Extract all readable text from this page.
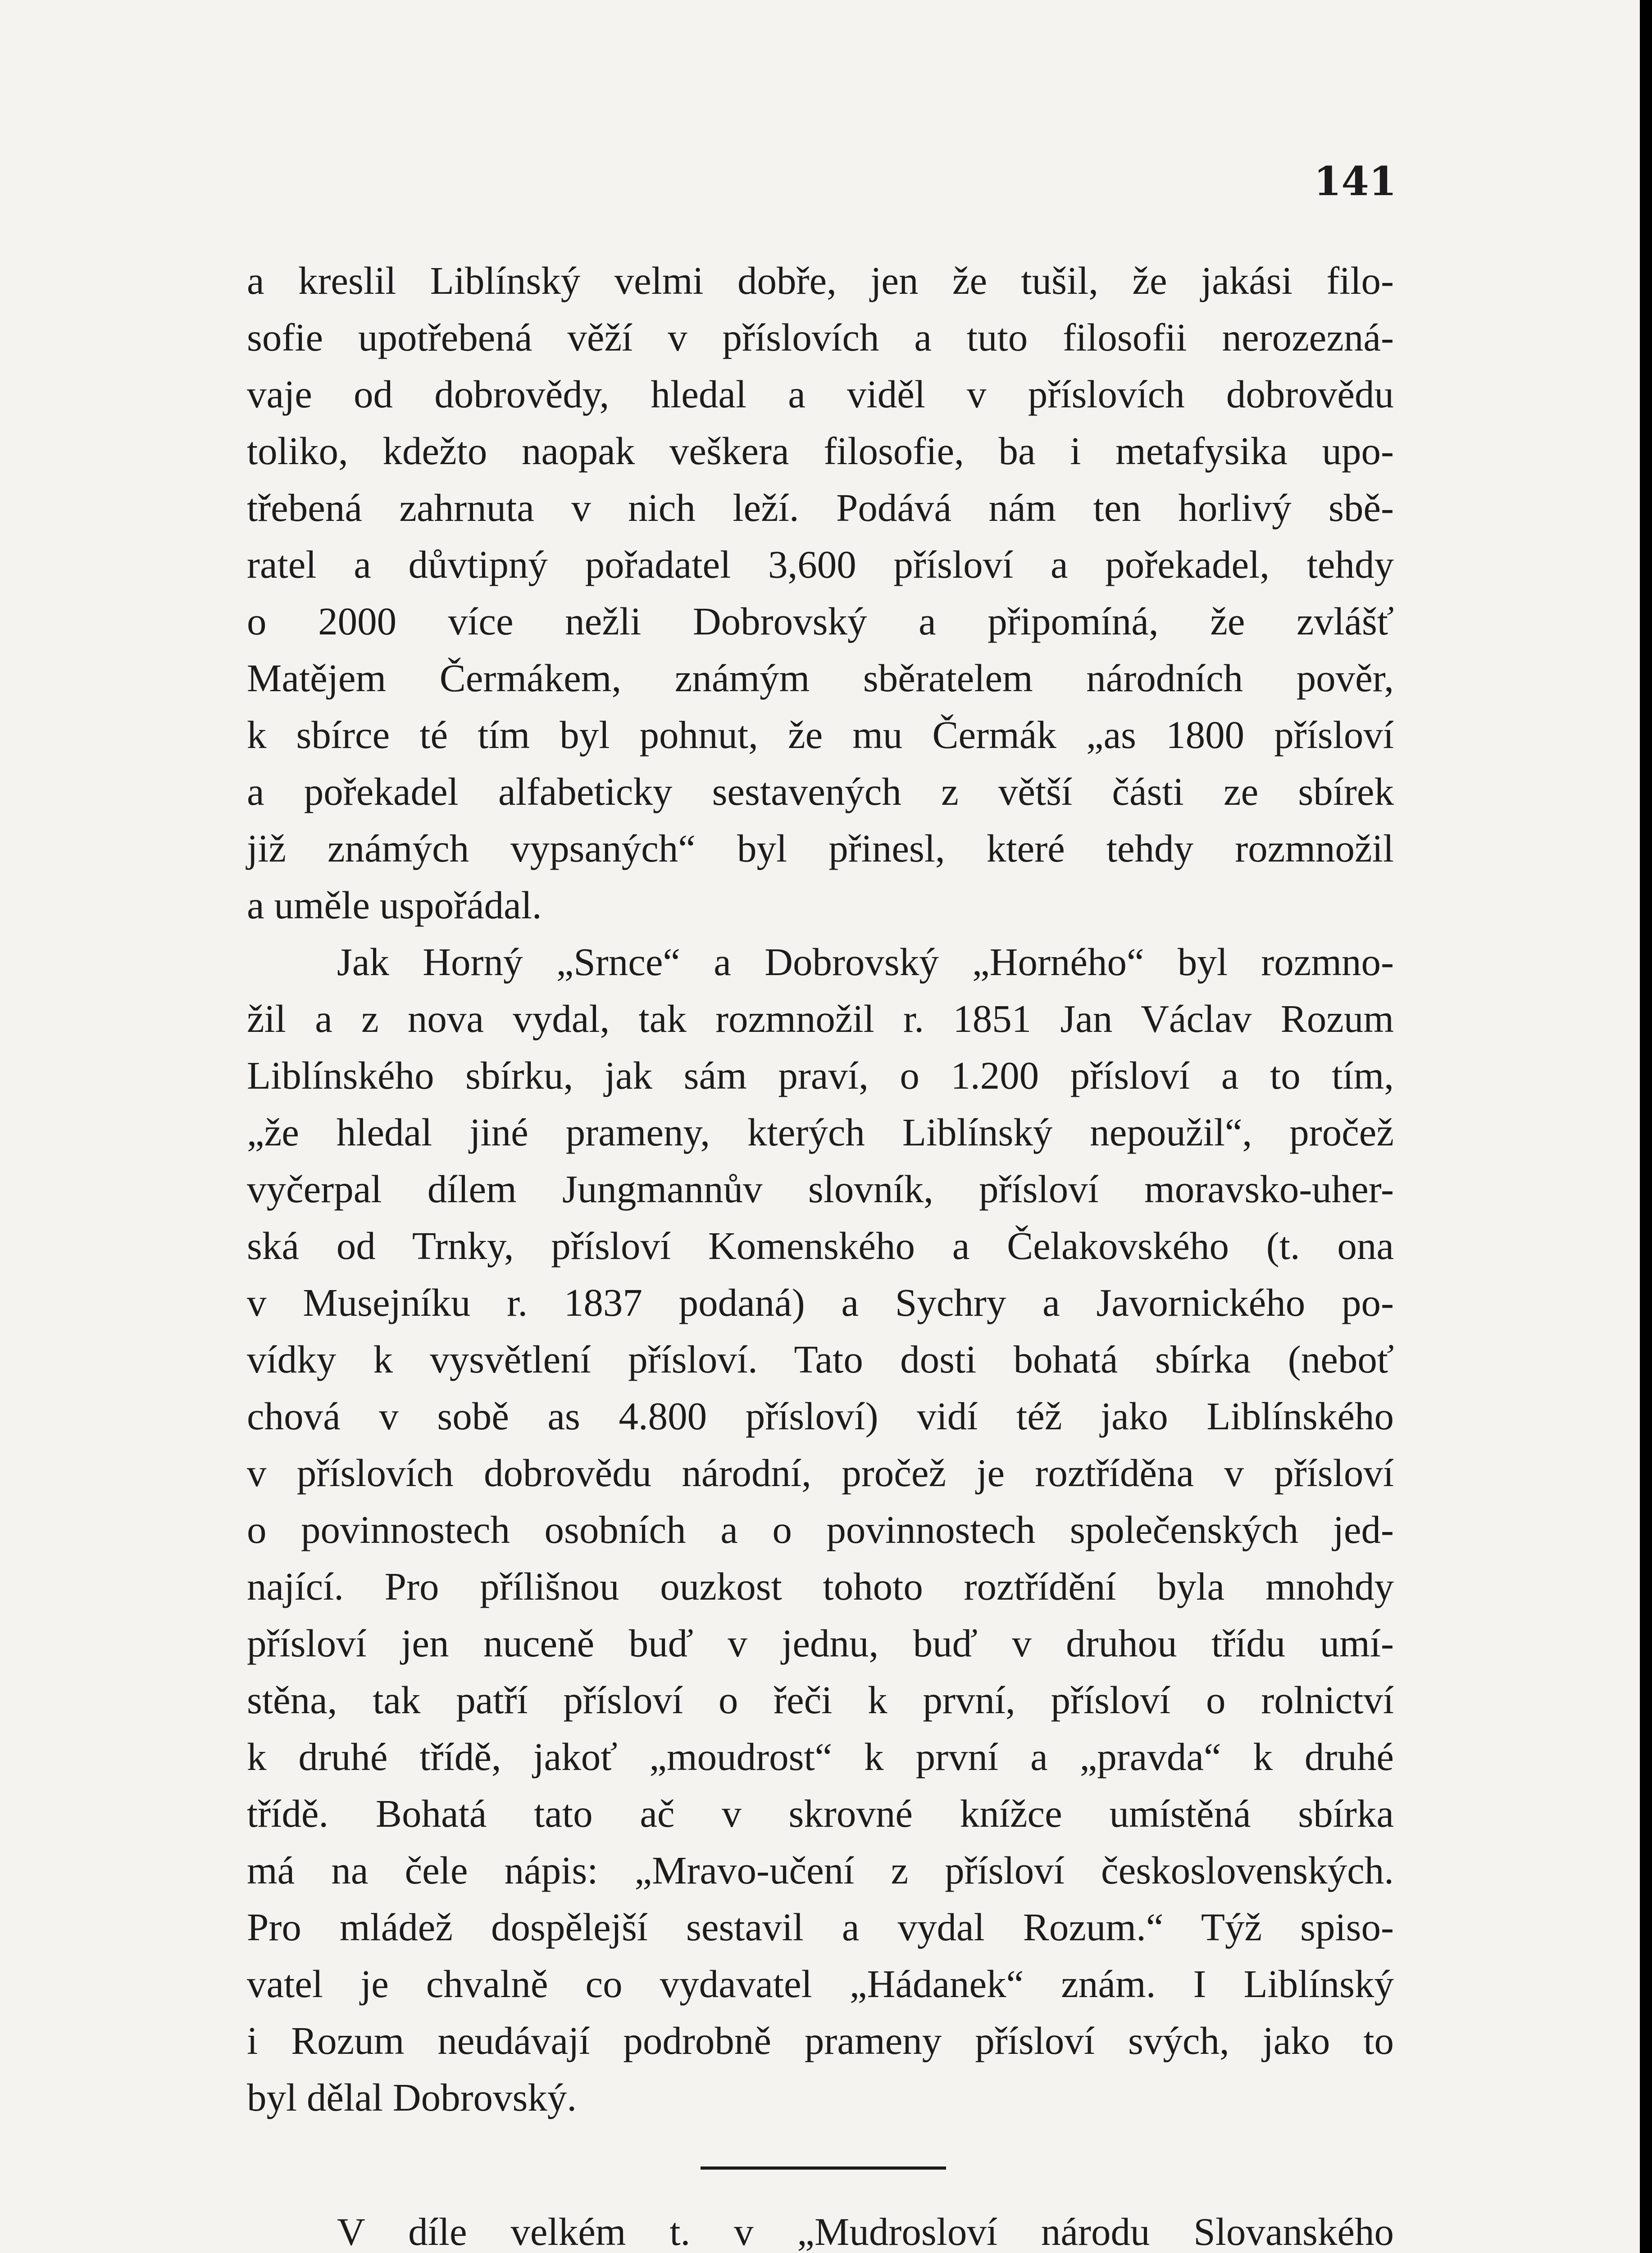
141

a kreslil Liblínský velmi dobře, jen že tušil, že jakási filo-

sofie upotřebená věží v příslovích a tuto filosofii nerozezná-

vaje od dobrovědy, hledal a viděl v příslovích dobrovědu

toliko, kdežto naopak veškera filosofie, ba i metafysika upo-

třebená zahrnuta v nich leží. Podává nám ten horlivý sbě-

ratel a důvtipný pořadatel 3,600 přísloví a pořekadel, tehdy

o 2000 více nežli Dobrovský a připomíná, že zvlášť

Matějem Čermákem, známým sběratelem národních pověr,

k sbírce té tím byl pohnut, že mu Čermák „as 1800 přísloví

a pořekadel alfabeticky sestavených z větší části ze sbírek

již známých vypsaných“ byl přinesl, které tehdy rozmnožil

a uměle uspořádal.

Jak Horný „Srnce“ a Dobrovský „Horného“ byl rozmno-

žil a z nova vydal, tak rozmnožil r. 1851 Jan Václav Rozum

Liblínského sbírku, jak sám praví, o 1.200 přísloví a to tím,

„že hledal jiné prameny, kterých Liblínský nepoužil“, pročež

vyčerpal dílem Jungmannův slovník, přísloví moravsko-uher-

ská od Trnky, přísloví Komenského a Čelakovského (t. ona

v Musejníku r. 1837 podaná) a Sychry a Javornického po-

vídky k vysvětlení přísloví. Tato dosti bohatá sbírka (neboť

chová v sobě as 4.800 přísloví) vidí též jako Liblínského

v příslovích dobrovědu národní, pročež je roztříděna v přísloví

o povinnostech osobních a o povinnostech společenských jed-

nající. Pro přílišnou ouzkost tohoto roztřídění byla mnohdy

přísloví jen nuceně buď v jednu, buď v druhou třídu umí-

stěna, tak patří přísloví o řeči k první, přísloví o rolnictví

k druhé třídě, jakoť „moudrost“ k první a „pravda“ k druhé

třídě. Bohatá tato ač v skrovné knížce umístěná sbírka

má na čele nápis: „Mravo-učení z přísloví československých.

Pro mládež dospělejší sestavil a vydal Rozum.“ Týž spiso-

vatel je chvalně co vydavatel „Hádanek“ znám. I Liblínský

i Rozum neudávají podrobně prameny přísloví svých, jako to

byl dělal Dobrovský.

V díle velkém t. v „Mudrosloví národu Slovanského
